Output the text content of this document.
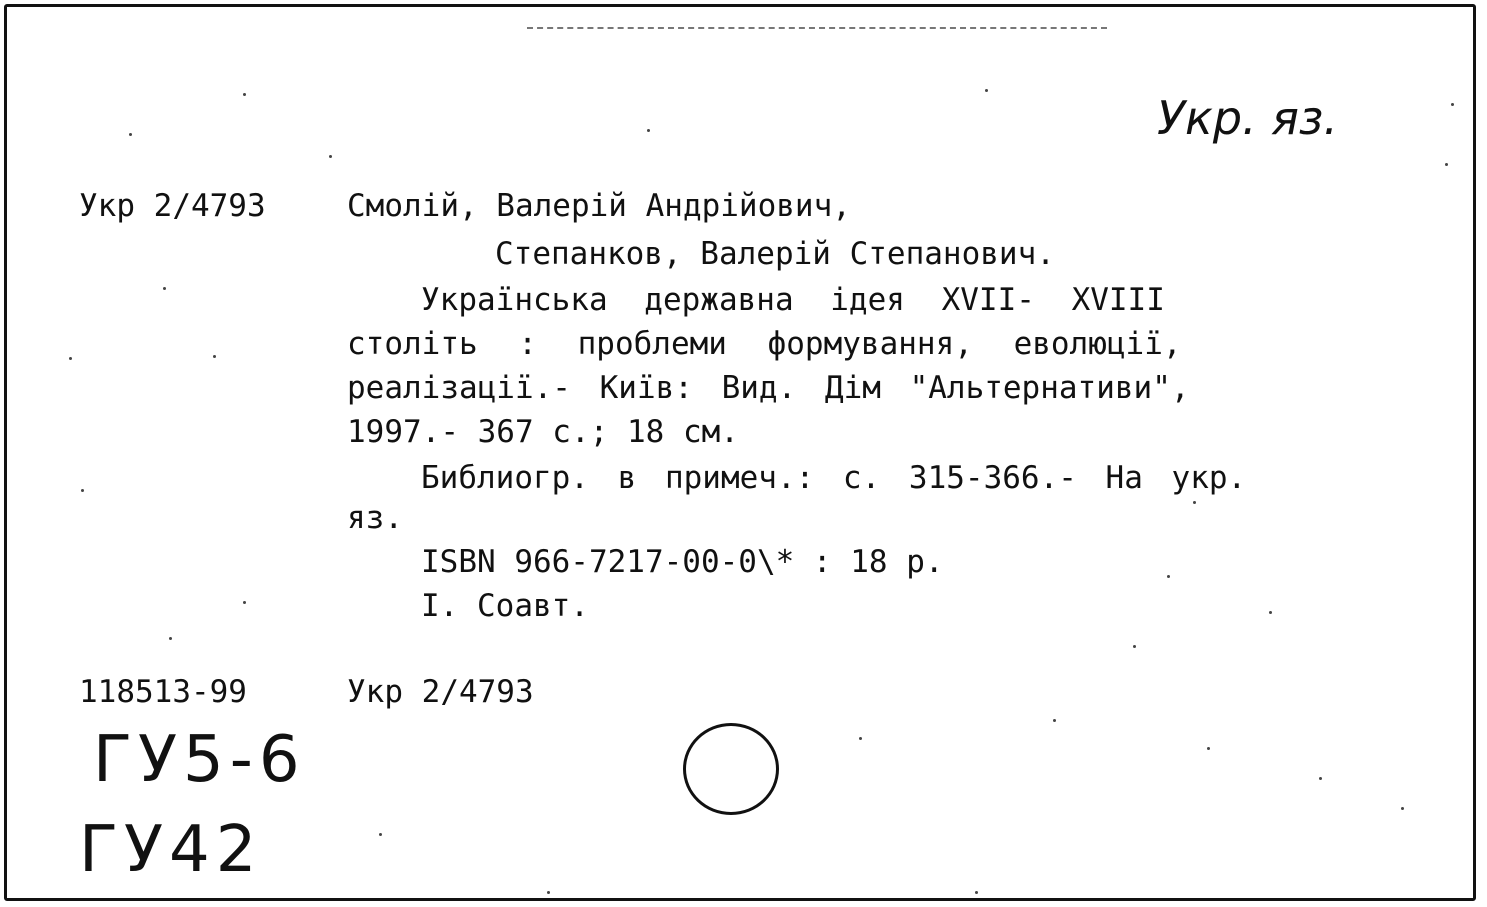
Укр. яз.
Укр 2/4793	Смолій, Валерій Андрійович,
Степанков, Валерій Степанович.
Українська державна ідея XVII- XVIII
століть : проблеми формування, еволюції,
реалізації.- Київ: Вид. Дім "Альтернативи",
1997.- 367 с.; 18 см.
Библиогр. в примеч.: с. 315-366.- На укр.
яз.
ISBN 966-7217-00-0\* : 18 р.
I. Соавт.
118513-99	Укр 2/4793
ГУ5-6
ГУ42
